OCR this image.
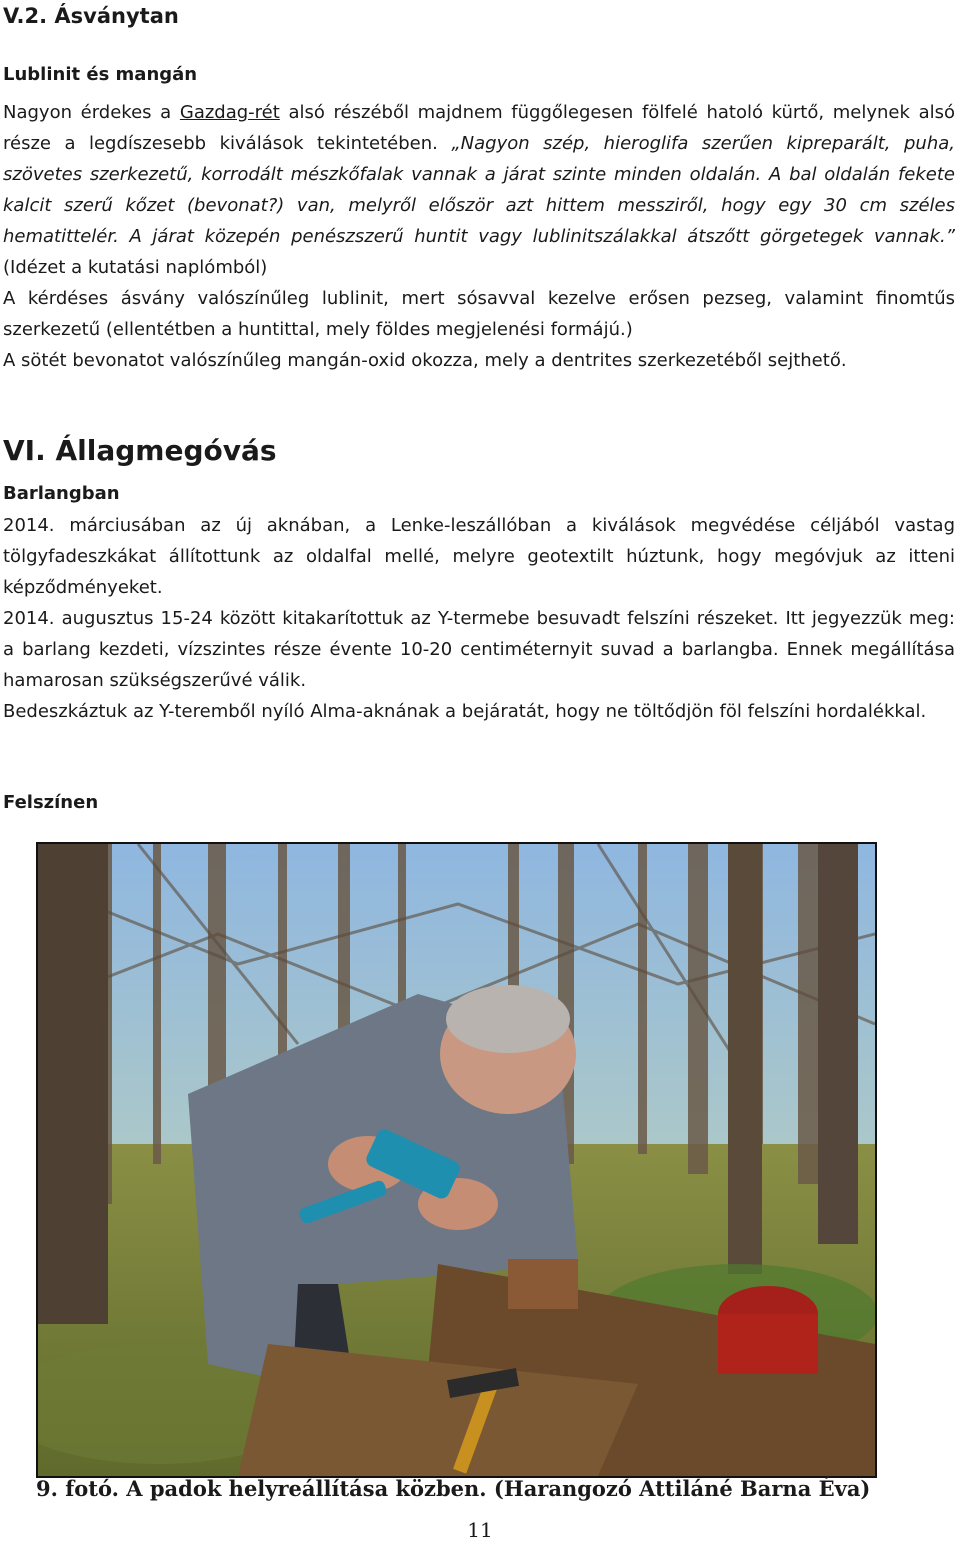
V.2. Ásványtan
Lublinit és mangán

Nagyon érdekes a Gazdag-rét alsó részéből majdnem függőlegesen fölfelé hatoló kürtő, melynek alsó része a legdíszesebb kiválások tekintetében. „Nagyon szép, hieroglifa szerűen kipreparált, puha, szövetes szerkezetű, korrodált mészkőfalak vannak a járat szinte minden oldalán. A bal oldalán fekete kalcit szerű kőzet (bevonat?) van, melyről először azt hittem messziről, hogy egy 30 cm széles hematittelér. A járat közepén penészszerű huntit vagy lublinitszálakkal átszőtt görgetegek vannak.” (Idézet a kutatási naplómból)

A kérdéses ásvány valószínűleg lublinit, mert sósavval kezelve erősen pezseg, valamint finomtűs szerkezetű (ellentétben a huntittal, mely földes megjelenési formájú.)

A sötét bevonatot valószínűleg mangán-oxid okozza, mely a dentrites szerkezetéből sejthető.

VI. Állagmegóvás
Barlangban

2014. márciusában az új aknában, a Lenke-leszállóban a kiválások megvédése céljából vastag tölgyfadeszkákat állítottunk az oldalfal mellé, melyre geotextilt húztunk, hogy megóvjuk az itteni képződményeket.

2014. augusztus 15-24 között kitakarítottuk az Y-termebe besuvadt felszíni részeket. Itt jegyezzük meg: a barlang kezdeti, vízszintes része évente 10-20 centiméternyit suvad a barlangba. Ennek megállítása hamarosan szükségszerűvé válik.

Bedeszkáztuk az Y-teremből nyíló Alma-aknának a bejáratát, hogy ne töltődjön föl felszíni hordalékkal.

Felszínen

9. fotó. A padok helyreállítása közben. (Harangozó Attiláné Barna Éva)

11
